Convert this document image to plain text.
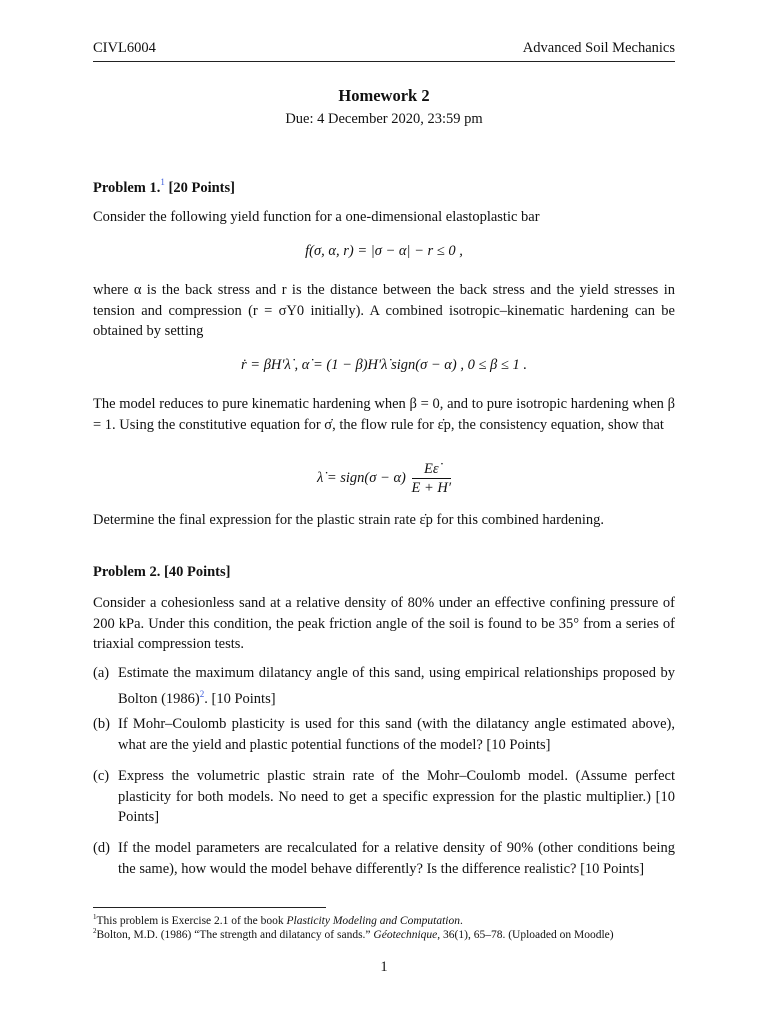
CIVL6004	Advanced Soil Mechanics
Homework 2
Due: 4 December 2020, 23:59 pm
Problem 1.$^1$ [20 Points]
Consider the following yield function for a one-dimensional elastoplastic bar
f(σ, α, r) = |σ − α| − r ≤ 0 ,
where α is the back stress and r is the distance between the back stress and the yield stresses in tension and compression (r = σY0 initially). A combined isotropic–kinematic hardening can be obtained by setting
ṙ = βH′λ̇ , α̇ = (1 − β)H′λ̇ sign(σ − α) , 0 ≤ β ≤ 1 .
The model reduces to pure kinematic hardening when β = 0, and to pure isotropic hardening when β = 1. Using the constitutive equation for σ̇, the flow rule for ε̇p, the consistency equation, show that
λ̇ = sign(σ − $\alpha) \frac{E\varepsiloṅ}{E + H'}$
Determine the final expression for the plastic strain rate ε̇p for this combined hardening.
Problem 2. [40 Points]
Consider a cohesionless sand at a relative density of 80% under an effective confining pressure of 200 kPa. Under this condition, the peak friction angle of the soil is found to be 35° from a series of triaxial compression tests.
(a) Estimate the maximum dilatancy angle of this sand, using empirical relationships proposed by Bolton $(1986)^2$. [10 Points]
(b) If Mohr–Coulomb plasticity is used for this sand (with the dilatancy angle estimated above), what are the yield and plastic potential functions of the model? [10 Points]
(c) Express the volumetric plastic strain rate of the Mohr–Coulomb model. (Assume perfect plasticity for both models. No need to get a specific expression for the plastic multiplier.) [10 Points]
(d) If the model parameters are recalculated for a relative density of 90% (other conditions being the same), how would the model behave differently? Is the difference realistic? [10 Points]
$^1$This problem is Exercise 2.1 of the book Plasticity Modeling and Computation.
$^2$Bolton, M.D. (1986) “The strength and dilatancy of sands.” Géotechnique, 36(1), 65–78. (Uploaded on Moodle)
1
